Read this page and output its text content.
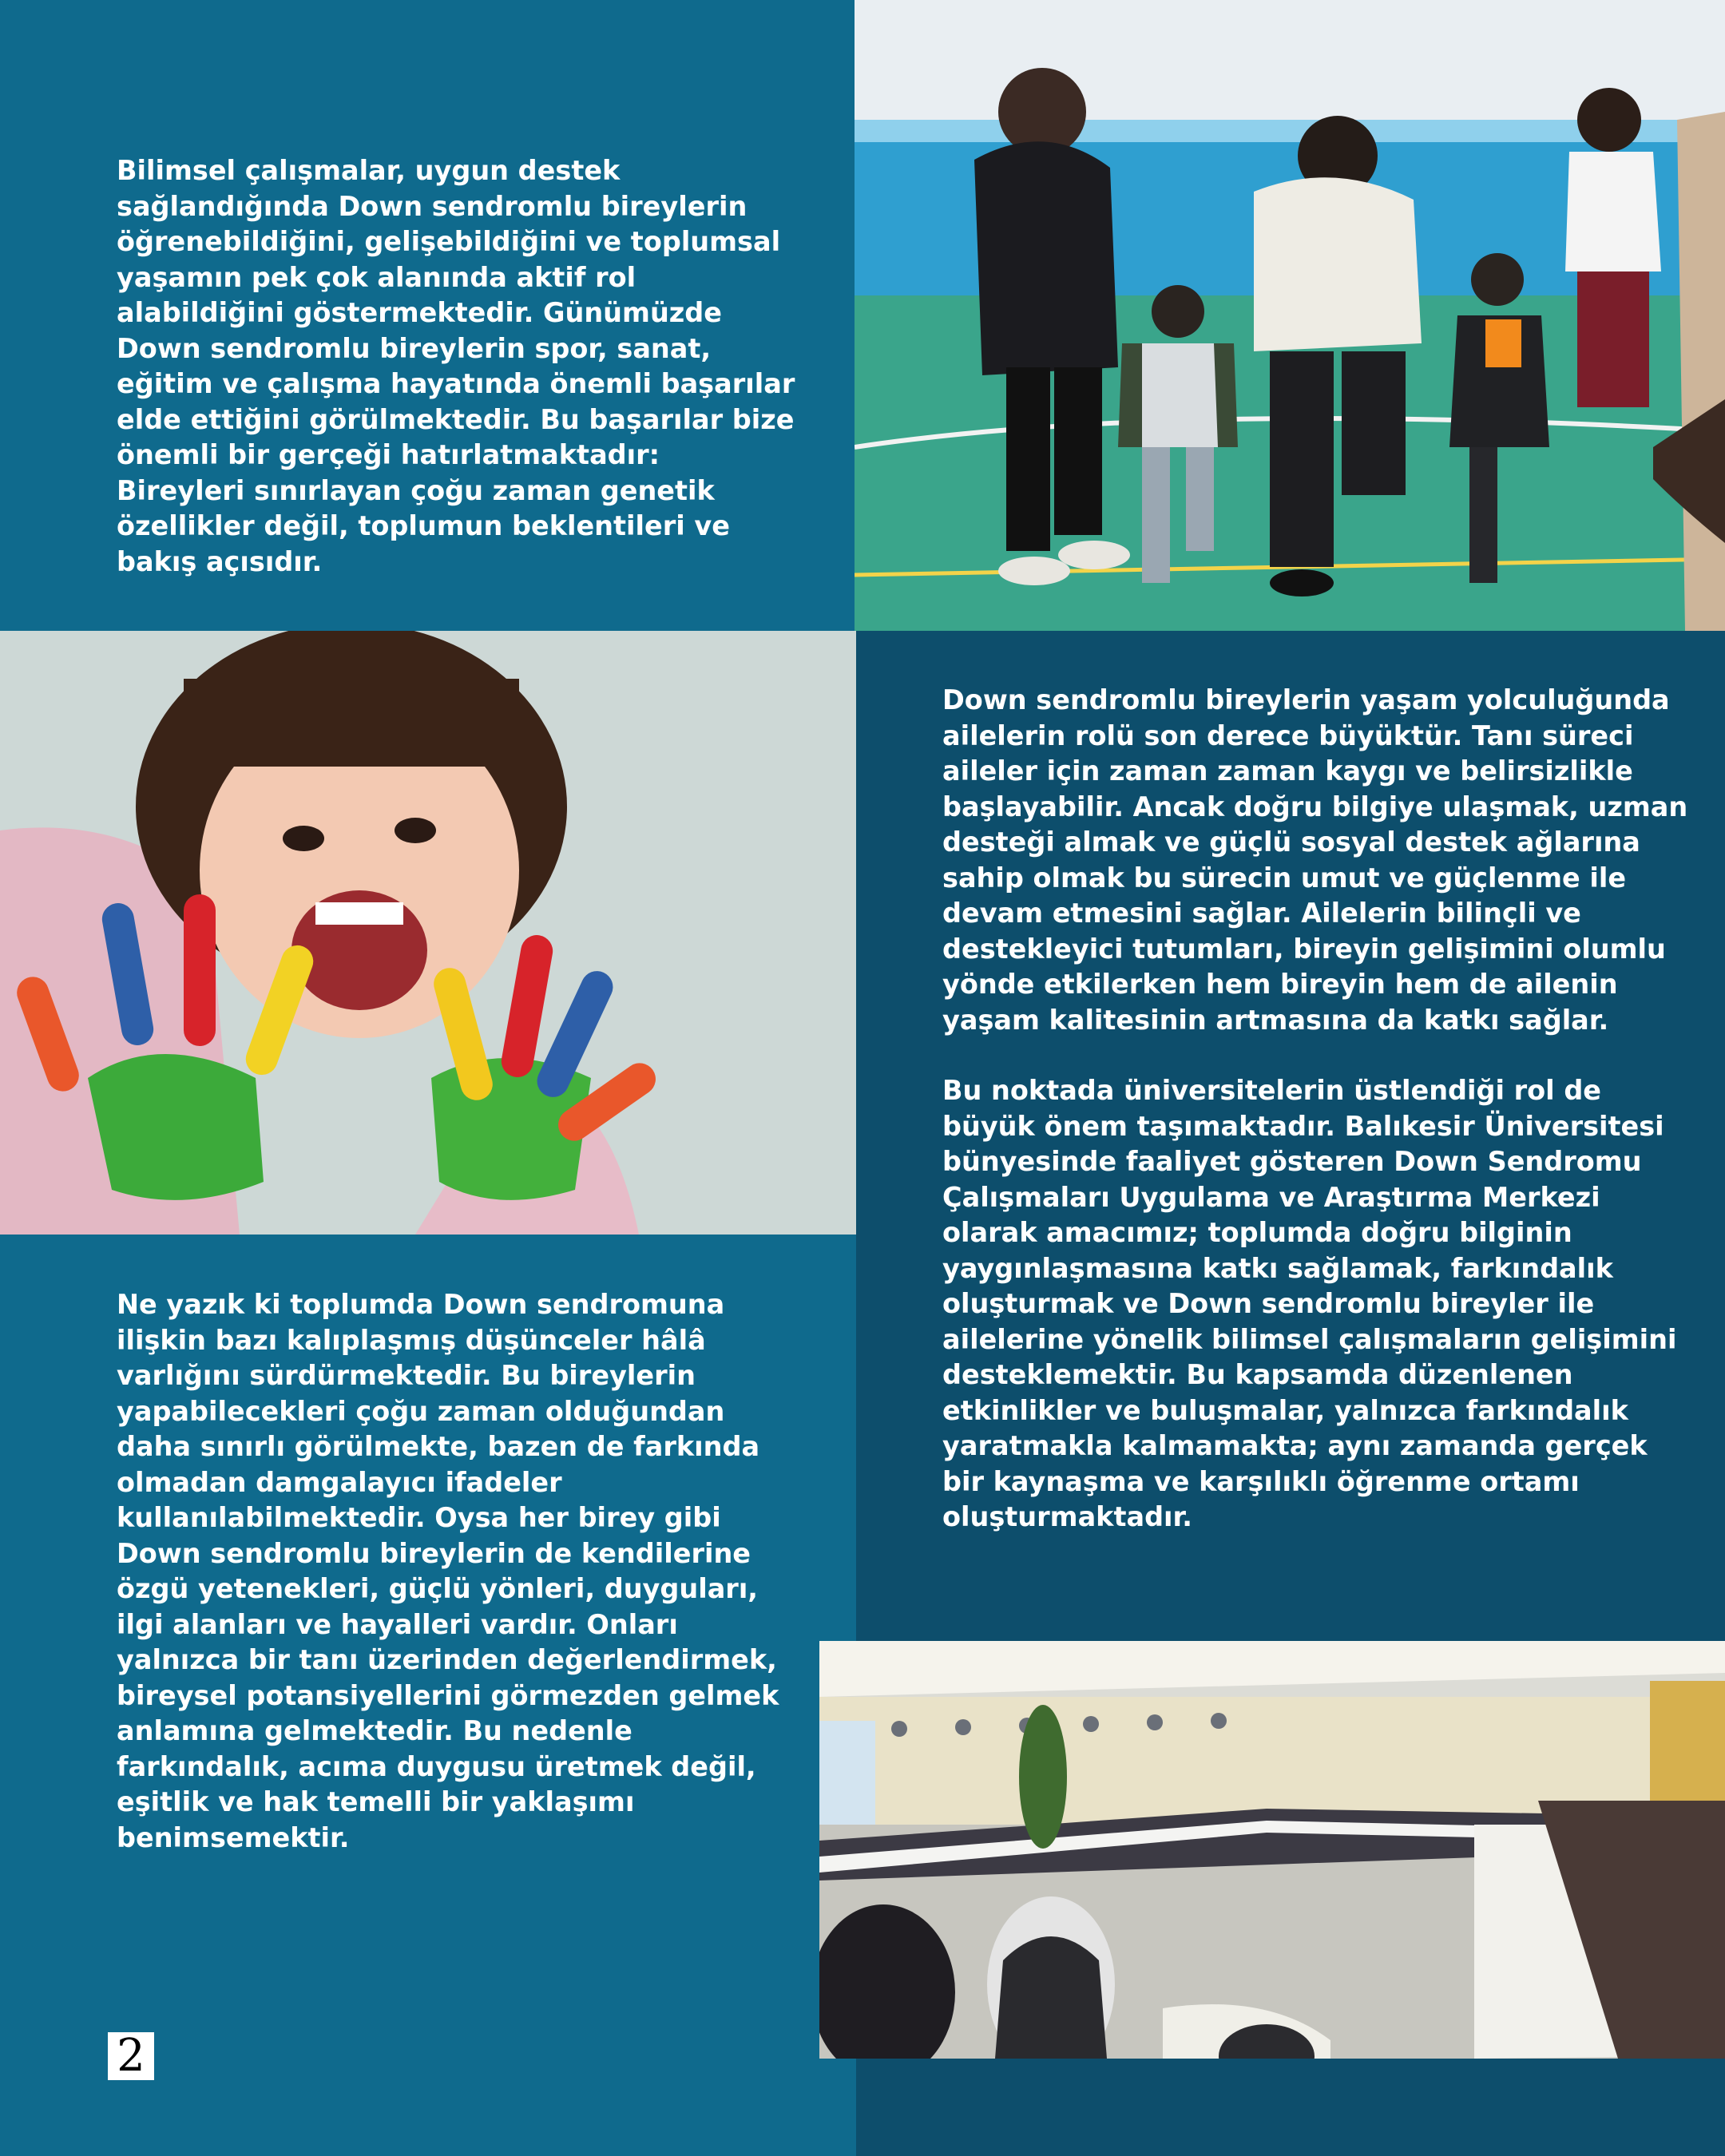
Bilimsel çalışmalar, uygun destek sağlandığında Down sendromlu bireylerin öğrenebildiğini, gelişebildiğini ve toplumsal yaşamın pek çok alanında aktif rol alabildiğini göstermektedir. Günümüzde Down sendromlu bireylerin spor, sanat, eğitim ve çalışma hayatında önemli başarılar elde ettiğini görülmektedir. Bu başarılar bize önemli bir gerçeği hatırlatmaktadır: Bireyleri sınırlayan çoğu zaman genetik özellikler değil, toplumun beklentileri ve bakış açısıdır.

Down sendromlu bireylerin yaşam yolculuğunda ailelerin rolü son derece büyüktür. Tanı süreci aileler için zaman zaman kaygı ve belirsizlikle başlayabilir. Ancak doğru bilgiye ulaşmak, uzman desteği almak ve güçlü sosyal destek ağlarına sahip olmak bu sürecin umut ve güçlenme ile devam etmesini sağlar. Ailelerin bilinçli ve destekleyici tutumları, bireyin gelişimini olumlu yönde etkilerken hem bireyin hem de ailenin yaşam kalitesinin artmasına da katkı sağlar.

Bu noktada üniversitelerin üstlendiği rol de büyük önem taşımaktadır. Balıkesir Üniversitesi bünyesinde faaliyet gösteren Down Sendromu Çalışmaları Uygulama ve Araştırma Merkezi olarak amacımız; toplumda doğru bilginin yaygınlaşmasına katkı sağlamak, farkındalık oluşturmak ve Down sendromlu bireyler ile ailelerine yönelik bilimsel çalışmaların gelişimini desteklemektir. Bu kapsamda düzenlenen etkinlikler ve buluşmalar, yalnızca farkındalık yaratmakla kalmamakta; aynı zamanda gerçek bir kaynaşma ve karşılıklı öğrenme ortamı oluşturmaktadır.

Ne yazık ki toplumda Down sendromuna ilişkin bazı kalıplaşmış düşünceler hâlâ varlığını sürdürmektedir. Bu bireylerin yapabilecekleri çoğu zaman olduğundan daha sınırlı görülmekte, bazen de farkında olmadan damgalayıcı ifadeler kullanılabilmektedir. Oysa her birey gibi Down sendromlu bireylerin de kendilerine özgü yetenekleri, güçlü yönleri, duyguları, ilgi alanları ve hayalleri vardır. Onları yalnızca bir tanı üzerinden değerlendirmek, bireysel potansiyellerini görmezden gelmek anlamına gelmektedir. Bu nedenle farkındalık, acıma duygusu üretmek değil, eşitlik ve hak temelli bir yaklaşımı benimsemektir.

2
